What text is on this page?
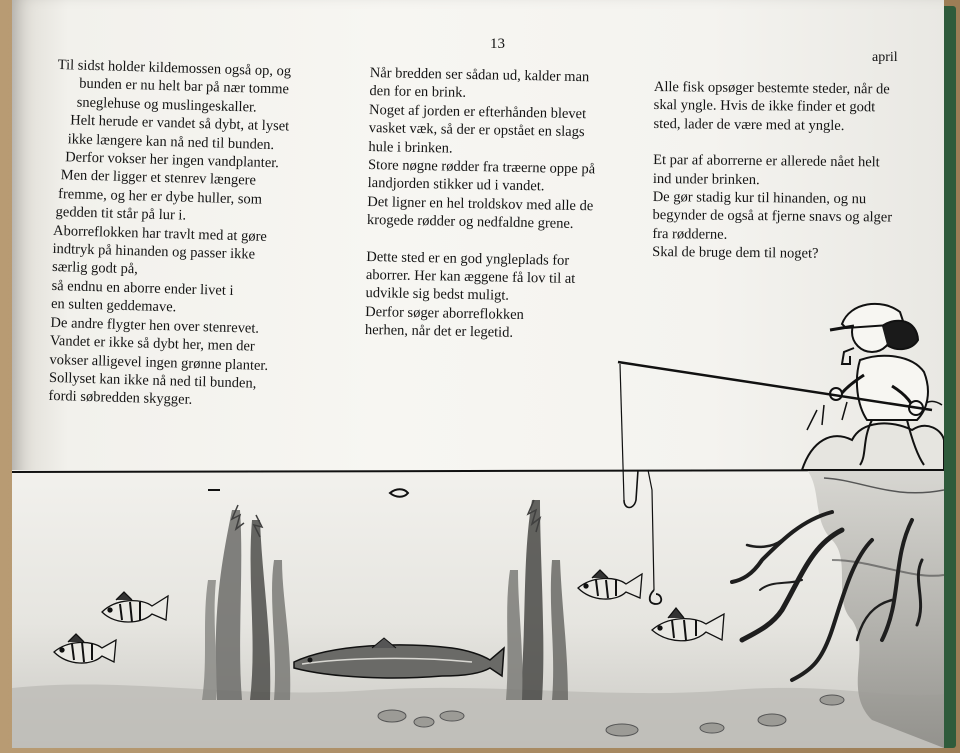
13
april

Til sidst holder kildemossen også op, og

bunden er nu helt bar på nær tomme

sneglehuse og muslingeskaller.

Helt herude er vandet så dybt, at lyset

ikke længere kan nå ned til bunden.

Derfor vokser her ingen vandplanter.

Men der ligger et stenrev længere

fremme, og her er dybe huller, som

gedden tit står på lur i.

Aborreflokken har travlt med at gøre

indtryk på hinanden og passer ikke

særlig godt på,

så endnu en aborre ender livet i

en sulten geddemave.

De andre flygter hen over stenrevet.

Vandet er ikke så dybt her, men der

vokser alligevel ingen grønne planter.

Sollyset kan ikke nå ned til bunden,

fordi søbredden skygger.

Når bredden ser sådan ud, kalder man

den for en brink.

Noget af jorden er efterhånden blevet

vasket væk, så der er opstået en slags

hule i brinken.

Store nøgne rødder fra træerne oppe på

landjorden stikker ud i vandet.

Det ligner en hel troldskov med alle de

krogede rødder og nedfaldne grene.

Dette sted er en god yngleplads for

aborrer. Her kan æggene få lov til at

udvikle sig bedst muligt.

Derfor søger aborreflokken

herhen, når det er legetid.

Alle fisk opsøger bestemte steder, når de

skal yngle. Hvis de ikke finder et godt

sted, lader de være med at yngle.

Et par af aborrerne er allerede nået helt

ind under brinken.

De gør stadig kur til hinanden, og nu

begynder de også at fjerne snavs og alger

fra rødderne.

Skal de bruge dem til noget?
